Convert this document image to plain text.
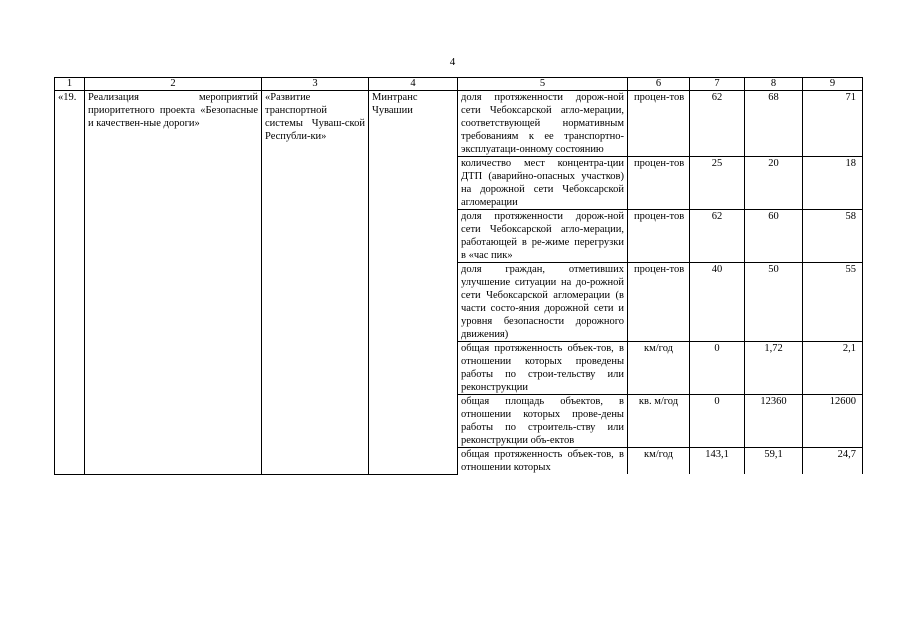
4
1	2	3	4	5	6	7	8	9
«19.	Реализация мероприятий приоритетного проекта «Безопасные и качествен-ные дороги»	«Развитие транспортной системы Чуваш-ской Республи-ки»	Минтранс Чувашии	доля протяженности дорож-ной сети Чебоксарской агло-мерации, соответствующей нормативным требованиям к ее транспортно-эксплуатаци-онному состоянию	процен-тов	62	68	71
				количество мест концентра-ции ДТП (аварийно-опасных участков) на дорожной сети Чебоксарской агломерации	процен-тов	25	20	18
				доля протяженности дорож-ной сети Чебоксарской агло-мерации, работающей в ре-жиме перегрузки в «час пик»	процен-тов	62	60	58
				доля граждан, отметивших улучшение ситуации на до-рожной сети Чебоксарской агломерации (в части состо-яния дорожной сети и уровня безопасности дорожного движения)	процен-тов	40	50	55
				общая протяженность объек-тов, в отношении которых проведены работы по строи-тельству или реконструкции	км/год	0	1,72	2,1
				общая площадь объектов, в отношении которых прове-дены работы по строитель-ству или реконструкции объ-ектов	кв. м/год	0	12360	12600
				общая протяженность объек-тов, в отношении которых	км/год	143,1	59,1	24,7
